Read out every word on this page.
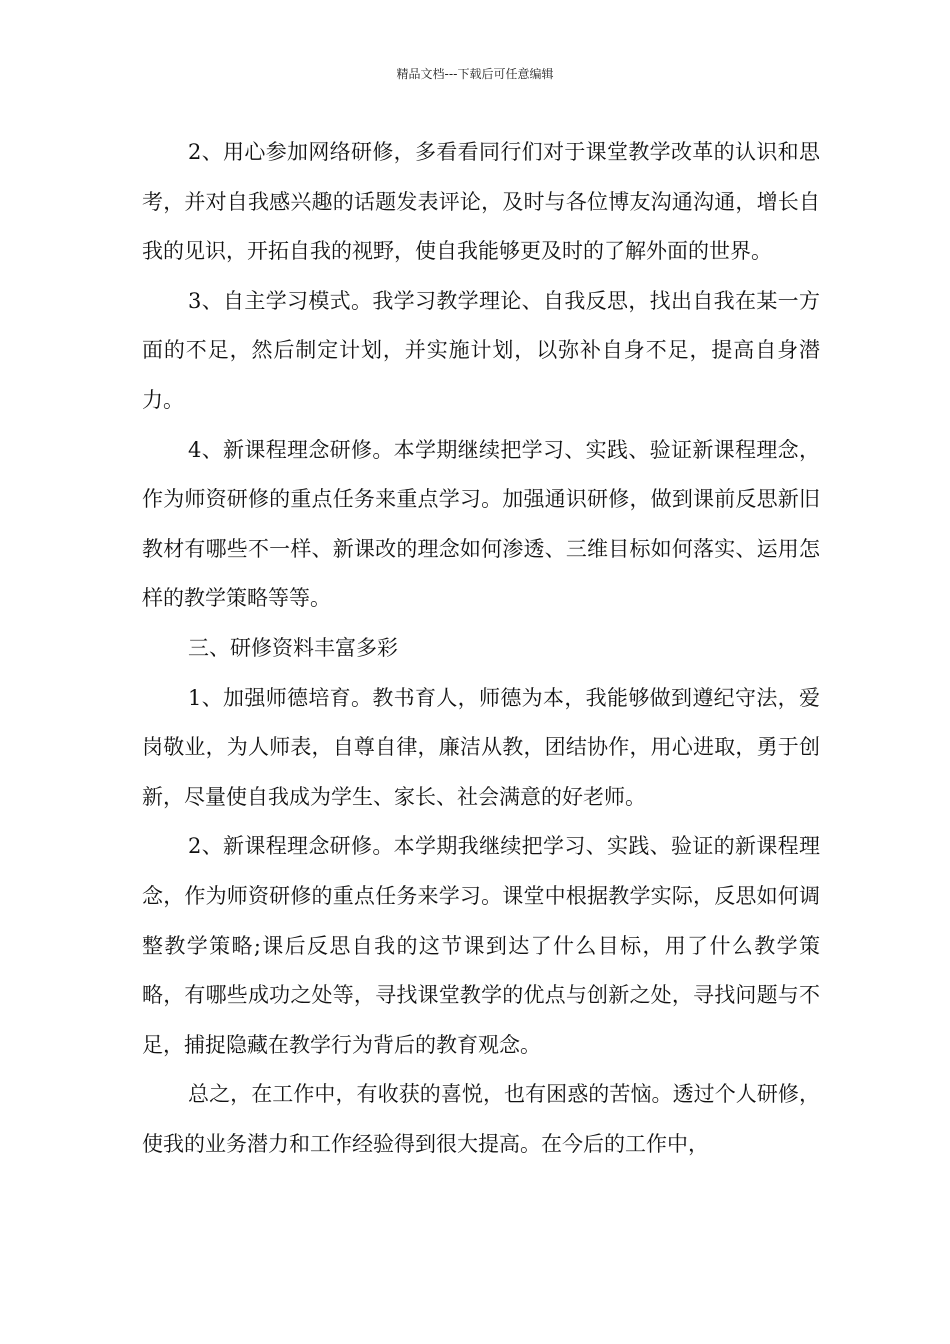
精品文档---下载后可任意编辑

2、用心参加网络研修，多看看同行们对于课堂教学改革的认识和思考，并对自我感兴趣的话题发表评论，及时与各位博友沟通沟通，增长自我的见识，开拓自我的视野，使自我能够更及时的了解外面的世界。

3、自主学习模式。我学习教学理论、自我反思，找出自我在某一方面的不足，然后制定计划，并实施计划，以弥补自身不足，提高自身潜力。

4、新课程理念研修。本学期继续把学习、实践、验证新课程理念，作为师资研修的重点任务来重点学习。加强通识研修，做到课前反思新旧教材有哪些不一样、新课改的理念如何渗透、三维目标如何落实、运用怎样的教学策略等等。

三、研修资料丰富多彩

1、加强师德培育。教书育人，师德为本，我能够做到遵纪守法，爱岗敬业，为人师表，自尊自律，廉洁从教，团结协作，用心进取，勇于创新，尽量使自我成为学生、家长、社会满意的好老师。

2、新课程理念研修。本学期我继续把学习、实践、验证的新课程理念，作为师资研修的重点任务来学习。课堂中根据教学实际，反思如何调整教学策略;课后反思自我的这节课到达了什么目标，用了什么教学策略，有哪些成功之处等，寻找课堂教学的优点与创新之处，寻找问题与不足，捕捉隐藏在教学行为背后的教育观念。

总之，在工作中，有收获的喜悦，也有困惑的苦恼。透过个人研修，使我的业务潜力和工作经验得到很大提高。在今后的工作中，
